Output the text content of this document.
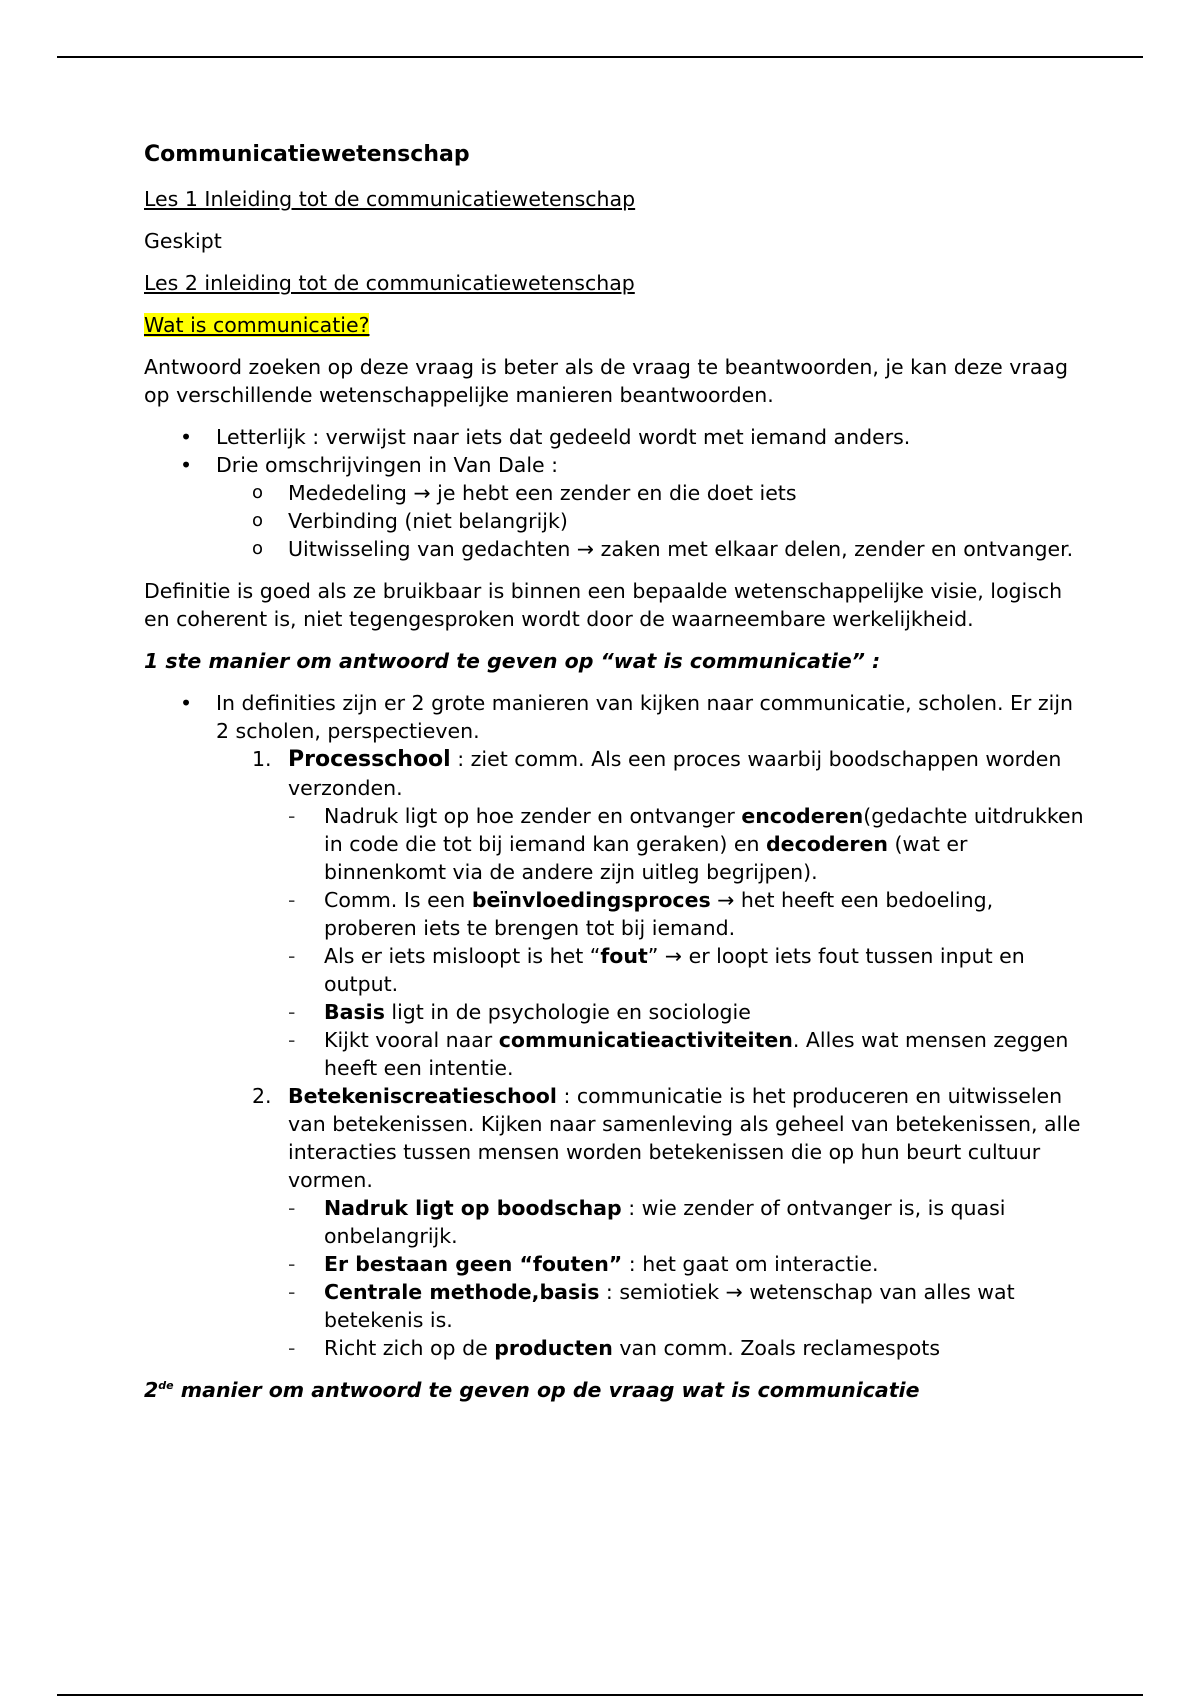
Communicatiewetenschap

Les 1 Inleiding tot de communicatiewetenschap

Geskipt

Les 2 inleiding tot de communicatiewetenschap

Wat is communicatie?

Antwoord zoeken op deze vraag is beter als de vraag te beantwoorden, je kan deze vraag op verschillende wetenschappelijke manieren beantwoorden.

• Letterlijk : verwijst naar iets dat gedeeld wordt met iemand anders.
• Drie omschrijvingen in Van Dale :
o Mededeling → je hebt een zender en die doet iets
o Verbinding (niet belangrijk)
o Uitwisseling van gedachten → zaken met elkaar delen, zender en ontvanger.

Definitie is goed als ze bruikbaar is binnen een bepaalde wetenschappelijke visie, logisch en coherent is, niet tegengesproken wordt door de waarneembare werkelijkheid.

1 ste manier om antwoord te geven op “wat is communicatie” :

• In definities zijn er 2 grote manieren van kijken naar communicatie, scholen. Er zijn 2 scholen, perspectieven.
1. Processchool : ziet comm. Als een proces waarbij boodschappen worden verzonden.
- Nadruk ligt op hoe zender en ontvanger encoderen(gedachte uitdrukken in code die tot bij iemand kan geraken) en decoderen (wat er binnenkomt via de andere zijn uitleg begrijpen).
- Comm. Is een beïnvloedingsproces → het heeft een bedoeling, proberen iets te brengen tot bij iemand.
- Als er iets misloopt is het “fout” → er loopt iets fout tussen input en output.
- Basis ligt in de psychologie en sociologie
- Kijkt vooral naar communicatieactiviteiten. Alles wat mensen zeggen heeft een intentie.
2. Betekeniscreatieschool : communicatie is het produceren en uitwisselen van betekenissen. Kijken naar samenleving als geheel van betekenissen, alle interacties tussen mensen worden betekenissen die op hun beurt cultuur vormen.
- Nadruk ligt op boodschap : wie zender of ontvanger is, is quasi onbelangrijk.
- Er bestaan geen “fouten” : het gaat om interactie.
- Centrale methode,basis : semiotiek → wetenschap van alles wat betekenis is.
- Richt zich op de producten van comm. Zoals reclamespots

2de manier om antwoord te geven op de vraag wat is communicatie
